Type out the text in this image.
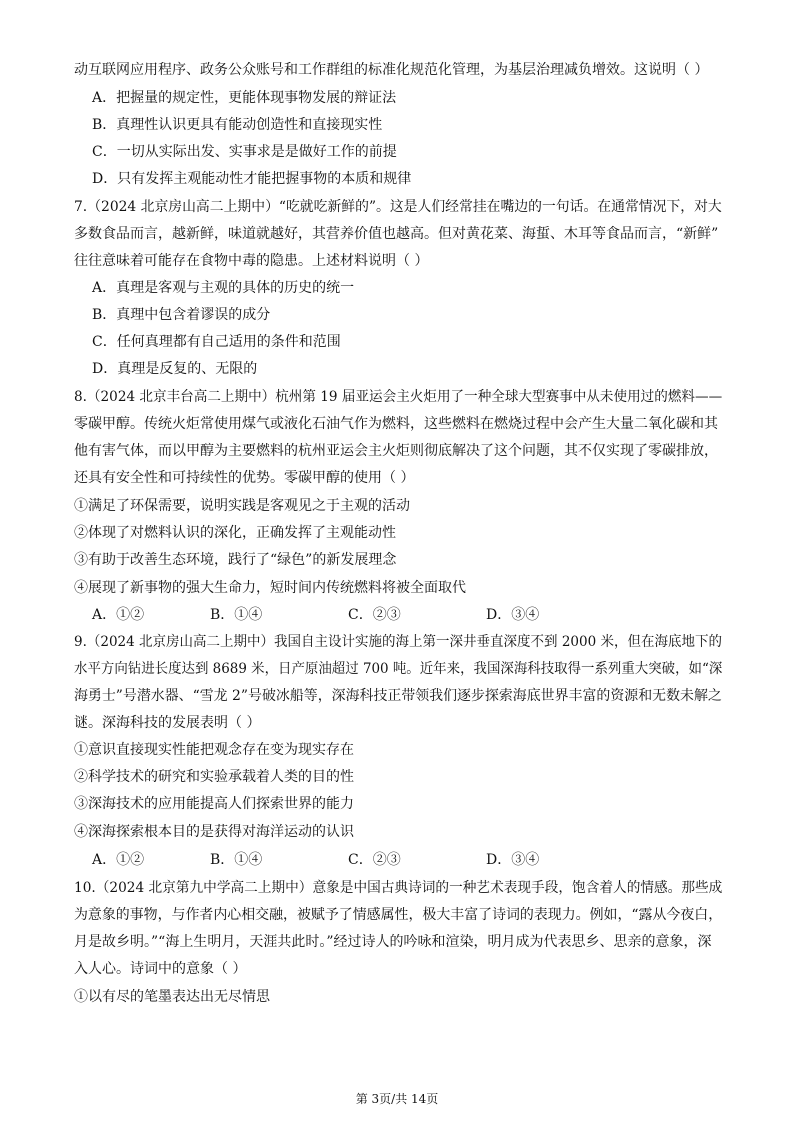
动互联网应用程序、政务公众账号和工作群组的标准化规范化管理，为基层治理减负增效。这说明（ ）
A．把握量的规定性，更能体现事物发展的辩证法
B．真理性认识更具有能动创造性和直接现实性
C．一切从实际出发、实事求是是做好工作的前提
D．只有发挥主观能动性才能把握事物的本质和规律
7.（2024 北京房山高二上期中）“吃就吃新鲜的”。这是人们经常挂在嘴边的一句话。在通常情况下，对大
多数食品而言，越新鲜，味道就越好，其营养价值也越高。但对黄花菜、海蜇、木耳等食品而言，“新鲜”
往往意味着可能存在食物中毒的隐患。上述材料说明（ ）
A．真理是客观与主观的具体的历史的统一
B．真理中包含着谬误的成分
C．任何真理都有自己适用的条件和范围
D．真理是反复的、无限的
8.（2024 北京丰台高二上期中）杭州第 19 届亚运会主火炬用了一种全球大型赛事中从未使用过的燃料——
零碳甲醇。传统火炬常使用煤气或液化石油气作为燃料，这些燃料在燃烧过程中会产生大量二氧化碳和其
他有害气体，而以甲醇为主要燃料的杭州亚运会主火炬则彻底解决了这个问题，其不仅实现了零碳排放，
还具有安全性和可持续性的优势。零碳甲醇的使用（ ）
①满足了环保需要，说明实践是客观见之于主观的活动
②体现了对燃料认识的深化，正确发挥了主观能动性
③有助于改善生态环境，践行了“绿色”的新发展理念
④展现了新事物的强大生命力，短时间内传统燃料将被全面取代
A．①②	B．①④	C．②③	D．③④
9.（2024 北京房山高二上期中）我国自主设计实施的海上第一深井垂直深度不到 2000 米，但在海底地下的
水平方向钻进长度达到 8689 米，日产原油超过 700 吨。近年来，我国深海科技取得一系列重大突破，如“深
海勇士”号潜水器、“雪龙 2”号破冰船等，深海科技正带领我们逐步探索海底世界丰富的资源和无数未解之
谜。深海科技的发展表明（ ）
①意识直接现实性能把观念存在变为现实存在
②科学技术的研究和实验承载着人类的目的性
③深海技术的应用能提高人们探索世界的能力
④深海探索根本目的是获得对海洋运动的认识
A．①②	B．①④	C．②③	D．③④
10.（2024 北京第九中学高二上期中）意象是中国古典诗词的一种艺术表现手段，饱含着人的情感。那些成
为意象的事物，与作者内心相交融，被赋予了情感属性，极大丰富了诗词的表现力。例如，“露从今夜白，
月是故乡明。”“海上生明月，天涯共此时。”经过诗人的吟咏和渲染，明月成为代表思乡、思亲的意象，深
入人心。诗词中的意象（ ）
①以有尽的笔墨表达出无尽情思
第 3页/共 14页
